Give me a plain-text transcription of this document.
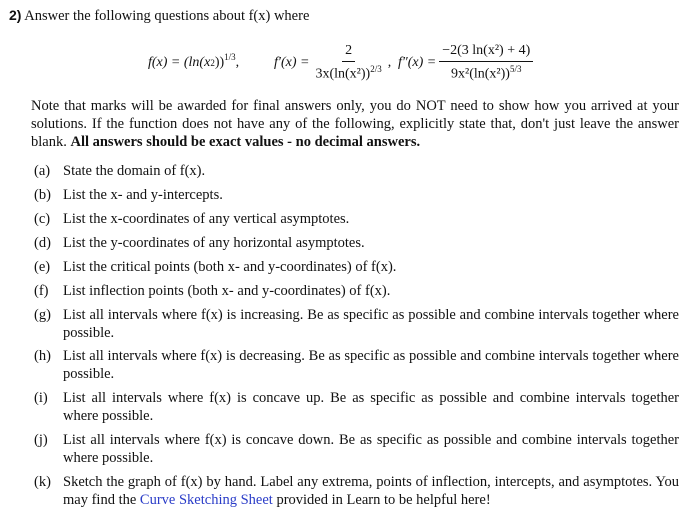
2) Answer the following questions about f(x) where
f(x) = (ln(x 2 ))$^{1/3}$ , $f'(x) = \frac{2}{3x(\ln(x^2))^{2/3}}$ , $f''(x) = \frac{\text{−2(3 ln(x²) + 4)}}{9x^2(\ln(x^2))^{5/3}}$
Note that marks will be awarded for final answers only, you do NOT need to show how you arrived at your solutions. If the function does not have any of the following, explicitly state that, don't just leave the answer blank. All answers should be exact values - no decimal answers.
(a) State the domain of f(x).
(b) List the x- and y-intercepts.
(c) List the x-coordinates of any vertical asymptotes.
(d) List the y-coordinates of any horizontal asymptotes.
(e) List the critical points (both x- and y-coordinates) of f(x).
(f)	List inflection points (both x- and y-coordinates) of f(x).
(g) List all intervals where f(x) is increasing. Be as specific as possible and combine intervals together where possible.
(h) List all intervals where f(x) is decreasing. Be as specific as possible and combine intervals together where possible.
(i)	List all intervals where f(x) is concave up. Be as specific as possible and combine intervals together where possible.
(j)	List all intervals where f(x) is concave down. Be as specific as possible and combine intervals together where possible.
(k) Sketch the graph of f(x) by hand. Label any extrema, points of inflection, intercepts, and asymptotes. You may find the Curve Sketching Sheet provided in Learn to be helpful here!
